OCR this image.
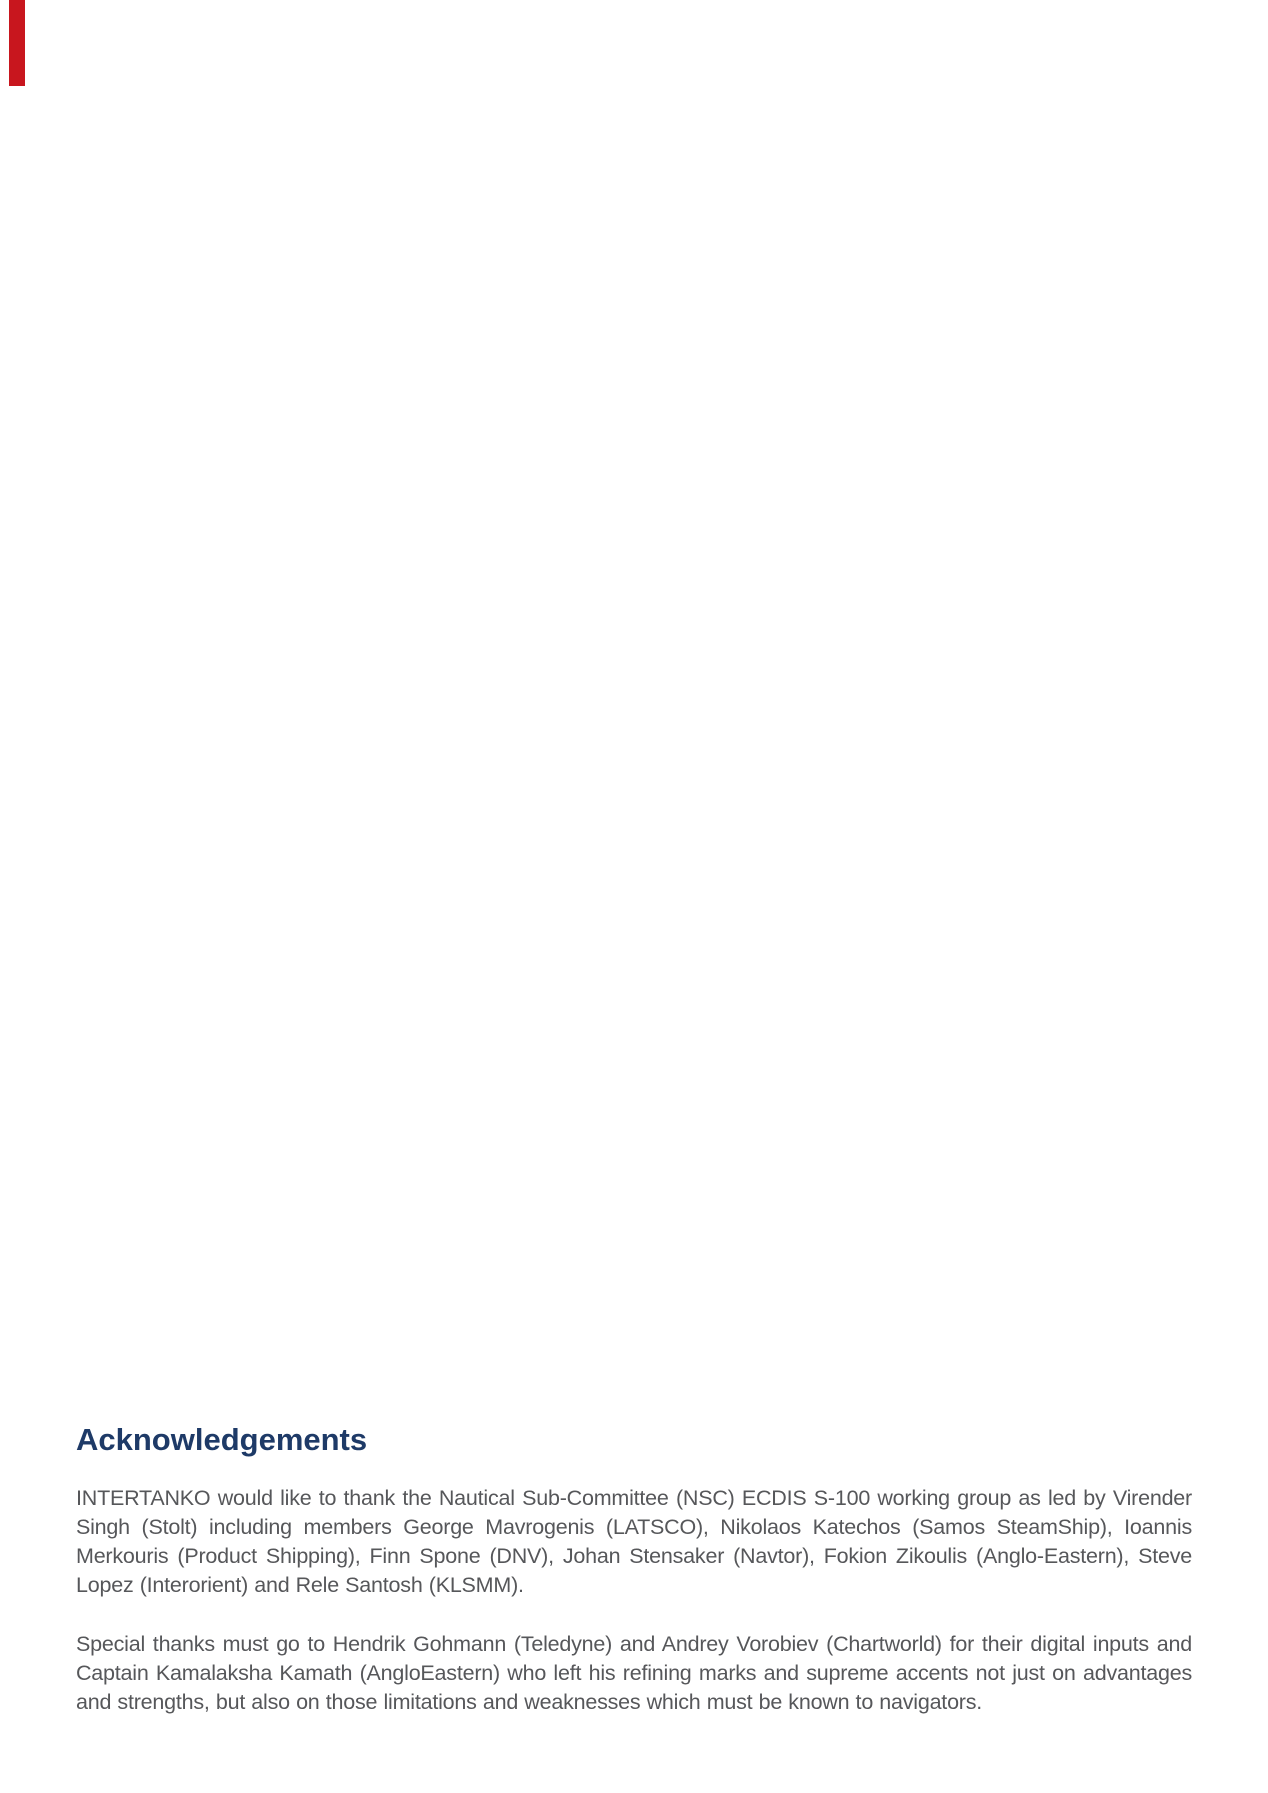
Acknowledgements

INTERTANKO would like to thank the Nautical Sub-Committee (NSC) ECDIS S-100 working group as led by Virender Singh (Stolt) including members George Mavrogenis (LATSCO), Nikolaos Katechos (Samos SteamShip), Ioannis Merkouris (Product Shipping), Finn Spone (DNV), Johan Stensaker (Navtor), Fokion Zikoulis (Anglo-Eastern), Steve Lopez (Interorient) and Rele Santosh (KLSMM).

Special thanks must go to Hendrik Gohmann (Teledyne) and Andrey Vorobiev (Chartworld) for their digital inputs and Captain Kamalaksha Kamath (AngloEastern) who left his refining marks and supreme accents not just on advantages and strengths, but also on those limitations and weaknesses which must be known to navigators.
